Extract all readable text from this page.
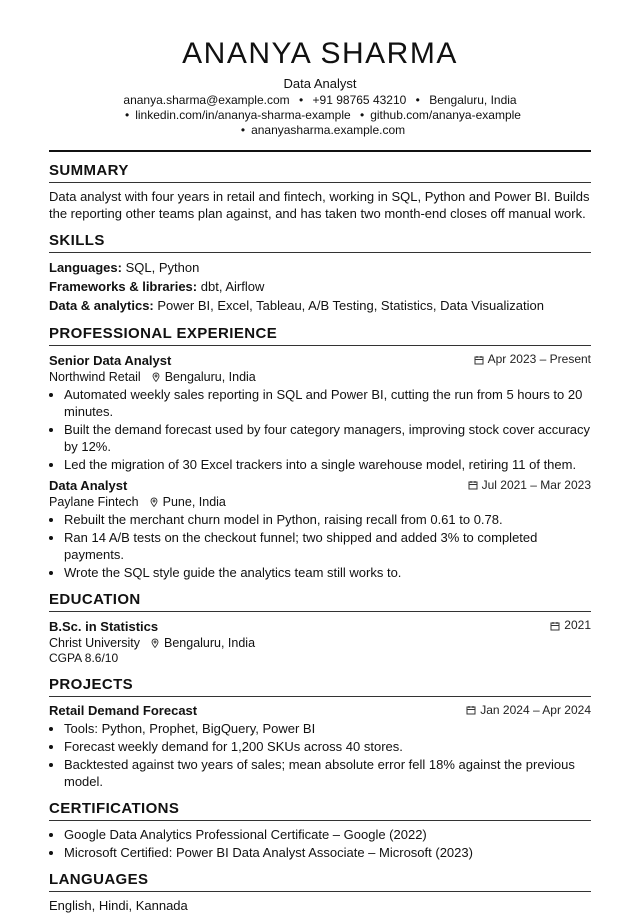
ANANYA SHARMA
Data Analyst
ananya.sharma@example.com • +91 98765 43210 • Bengaluru, India
• linkedin.com/in/ananya-sharma-example • github.com/ananya-example
• ananyasharma.example.com
SUMMARY
Data analyst with four years in retail and fintech, working in SQL, Python and Power BI. Builds the reporting other teams plan against, and has taken two month-end closes off manual work.
SKILLS
Languages: SQL, Python
Frameworks & libraries: dbt, Airflow
Data & analytics: Power BI, Excel, Tableau, A/B Testing, Statistics, Data Visualization
PROFESSIONAL EXPERIENCE
Senior Data Analyst	Apr 2023 – Present
Northwind Retail Bengaluru, India
• Automated weekly sales reporting in SQL and Power BI, cutting the run from 5 hours to 20 minutes.
• Built the demand forecast used by four category managers, improving stock cover accuracy by 12%.
• Led the migration of 30 Excel trackers into a single warehouse model, retiring 11 of them.
Data Analyst	Jul 2021 – Mar 2023
Paylane Fintech Pune, India
• Rebuilt the merchant churn model in Python, raising recall from 0.61 to 0.78.
• Ran 14 A/B tests on the checkout funnel; two shipped and added 3% to completed payments.
• Wrote the SQL style guide the analytics team still works to.
EDUCATION
B.Sc. in Statistics	2021
Christ University Bengaluru, India
CGPA 8.6/10
PROJECTS
Retail Demand Forecast	Jan 2024 – Apr 2024
• Tools: Python, Prophet, BigQuery, Power BI
• Forecast weekly demand for 1,200 SKUs across 40 stores.
• Backtested against two years of sales; mean absolute error fell 18% against the previous model.
CERTIFICATIONS
• Google Data Analytics Professional Certificate – Google (2022)
• Microsoft Certified: Power BI Data Analyst Associate – Microsoft (2023)
LANGUAGES
English, Hindi, Kannada
